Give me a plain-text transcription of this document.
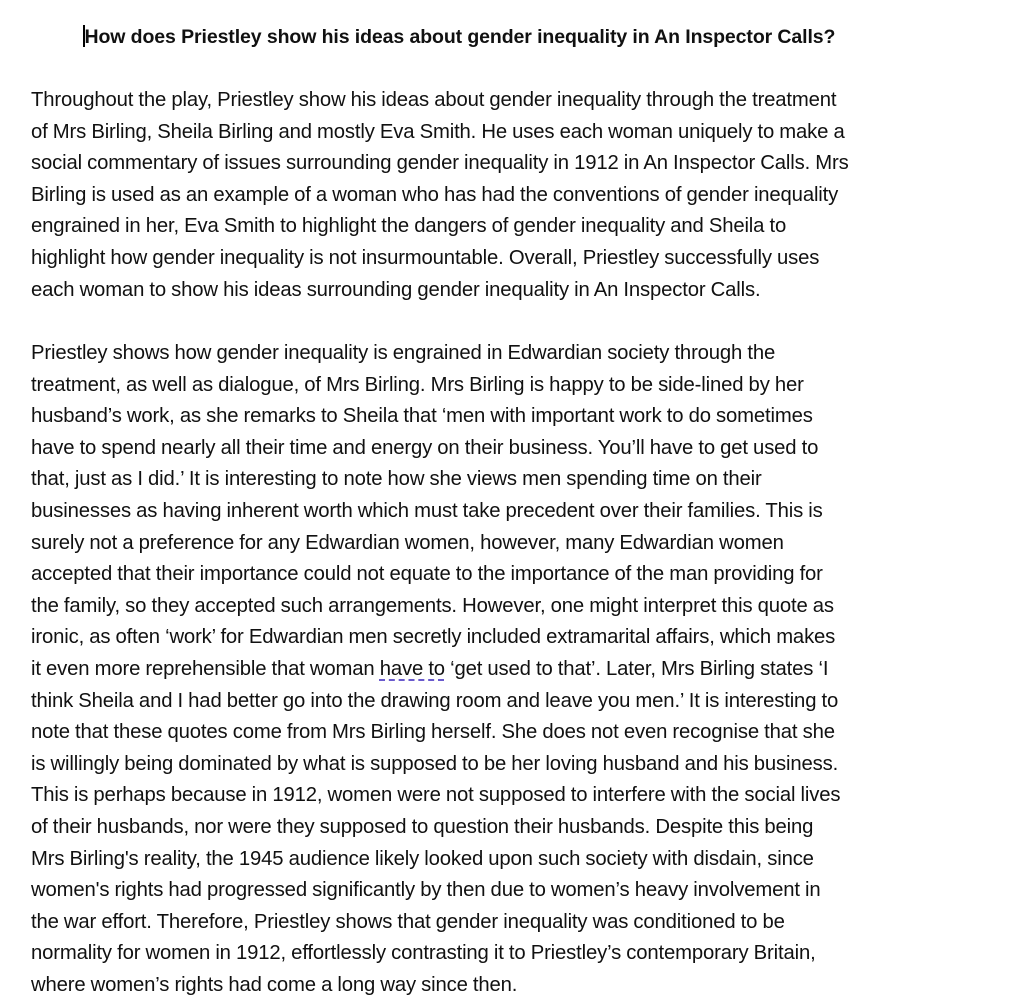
How does Priestley show his ideas about gender inequality in An Inspector Calls?

Throughout the play, Priestley show his ideas about gender inequality through the treatment
of Mrs Birling, Sheila Birling and mostly Eva Smith. He uses each woman uniquely to make a
social commentary of issues surrounding gender inequality in 1912 in An Inspector Calls. Mrs
Birling is used as an example of a woman who has had the conventions of gender inequality
engrained in her, Eva Smith to highlight the dangers of gender inequality and Sheila to
highlight how gender inequality is not insurmountable. Overall, Priestley successfully uses
each woman to show his ideas surrounding gender inequality in An Inspector Calls.

Priestley shows how gender inequality is engrained in Edwardian society through the
treatment, as well as dialogue, of Mrs Birling. Mrs Birling is happy to be side-lined by her
husband’s work, as she remarks to Sheila that ‘men with important work to do sometimes
have to spend nearly all their time and energy on their business. You’ll have to get used to
that, just as I did.’ It is interesting to note how she views men spending time on their
businesses as having inherent worth which must take precedent over their families. This is
surely not a preference for any Edwardian women, however, many Edwardian women
accepted that their importance could not equate to the importance of the man providing for
the family, so they accepted such arrangements. However, one might interpret this quote as
ironic, as often ‘work’ for Edwardian men secretly included extramarital affairs, which makes
it even more reprehensible that woman have to ‘get used to that’. Later, Mrs Birling states ‘I
think Sheila and I had better go into the drawing room and leave you men.’ It is interesting to
note that these quotes come from Mrs Birling herself. She does not even recognise that she
is willingly being dominated by what is supposed to be her loving husband and his business.
This is perhaps because in 1912, women were not supposed to interfere with the social lives
of their husbands, nor were they supposed to question their husbands. Despite this being
Mrs Birling's reality, the 1945 audience likely looked upon such society with disdain, since
women's rights had progressed significantly by then due to women’s heavy involvement in
the war effort. Therefore, Priestley shows that gender inequality was conditioned to be
normality for women in 1912, effortlessly contrasting it to Priestley’s contemporary Britain,
where women’s rights had come a long way since then.
